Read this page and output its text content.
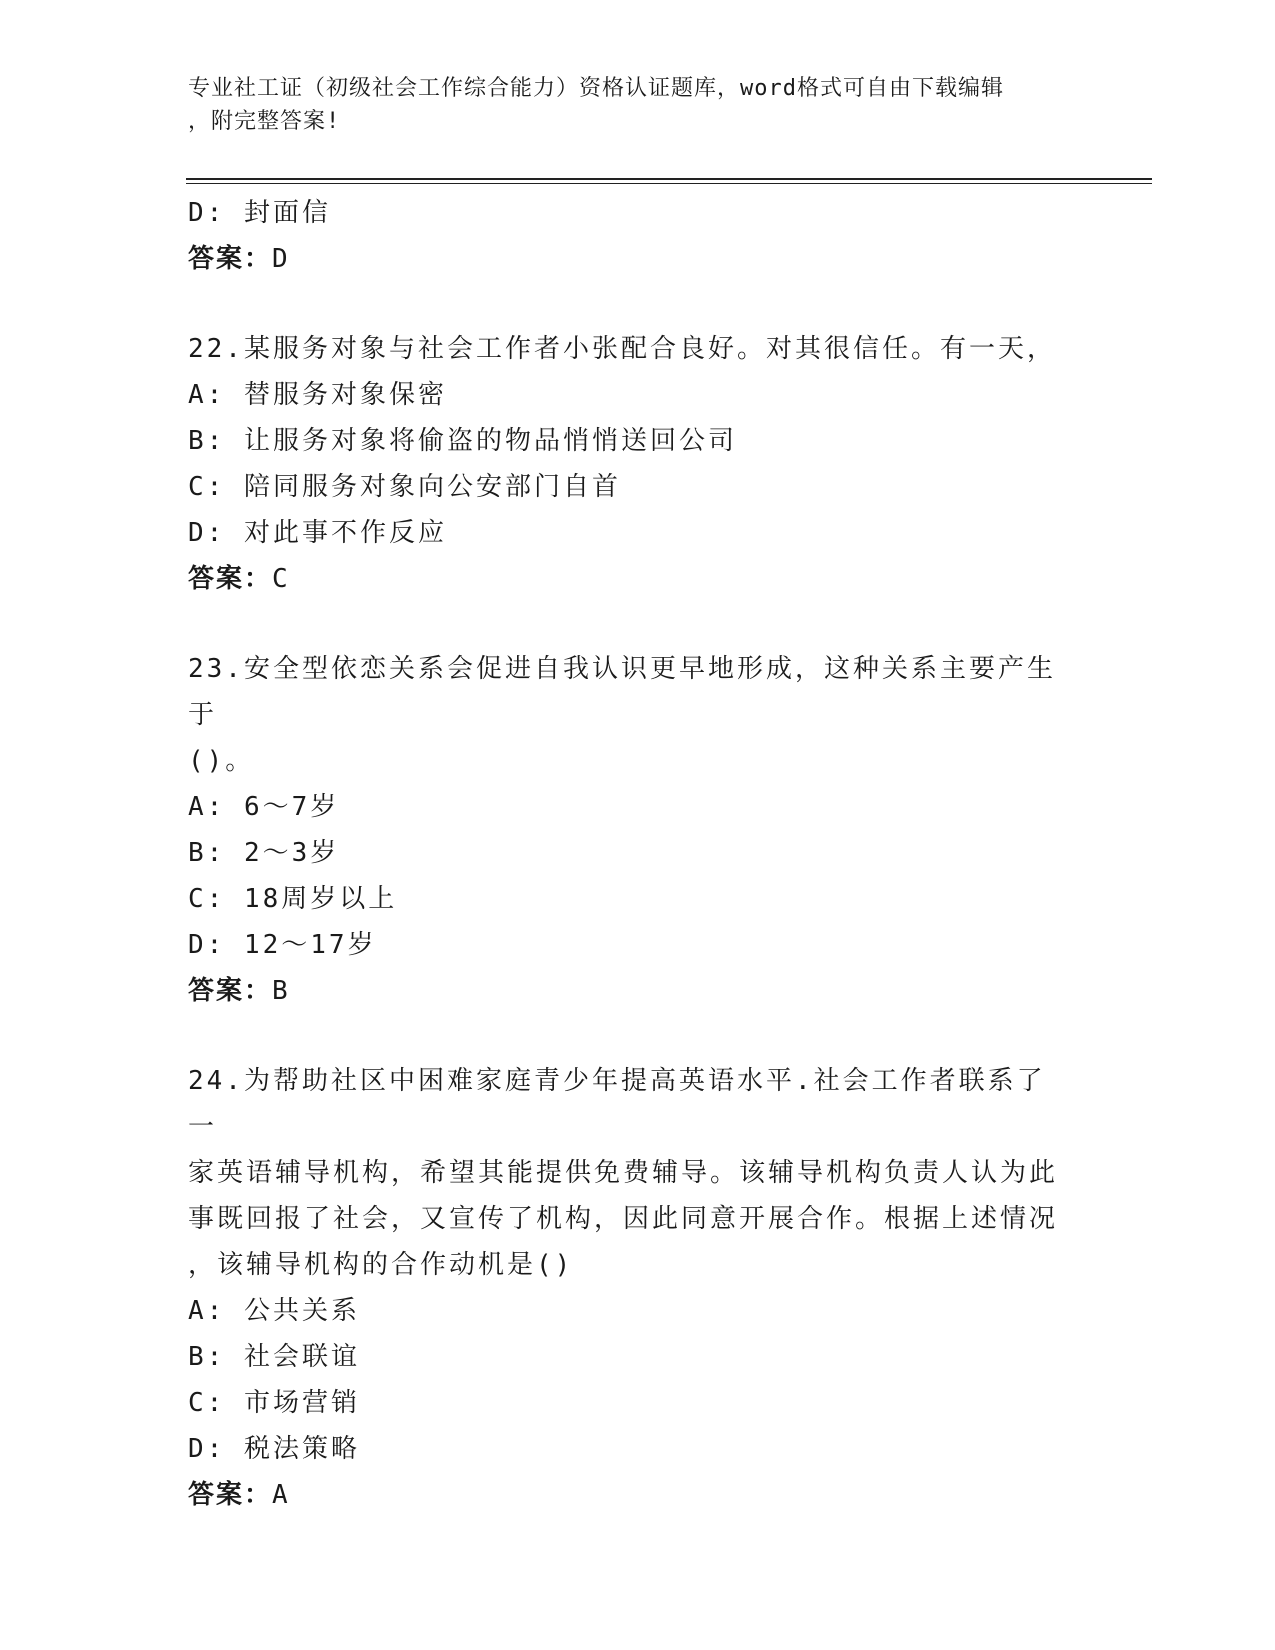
专业社工证（初级社会工作综合能力）资格认证题库，word格式可自由下载编辑
，附完整答案!

D: 封面信

答案：D

22.某服务对象与社会工作者小张配合良好。对其很信任。有一天，

A: 替服务对象保密

B: 让服务对象将偷盗的物品悄悄送回公司

C: 陪同服务对象向公安部门自首

D: 对此事不作反应

答案：C

23.安全型依恋关系会促进自我认识更早地形成，这种关系主要产生于
()。

A: 6～7岁

B: 2～3岁

C: 18周岁以上

D: 12～17岁

答案：B

24.为帮助社区中困难家庭青少年提高英语水平.社会工作者联系了一
家英语辅导机构，希望其能提供免费辅导。该辅导机构负责人认为此
事既回报了社会，又宣传了机构，因此同意开展合作。根据上述情况
，该辅导机构的合作动机是()

A: 公共关系

B: 社会联谊

C: 市场营销

D: 税法策略

答案：A
